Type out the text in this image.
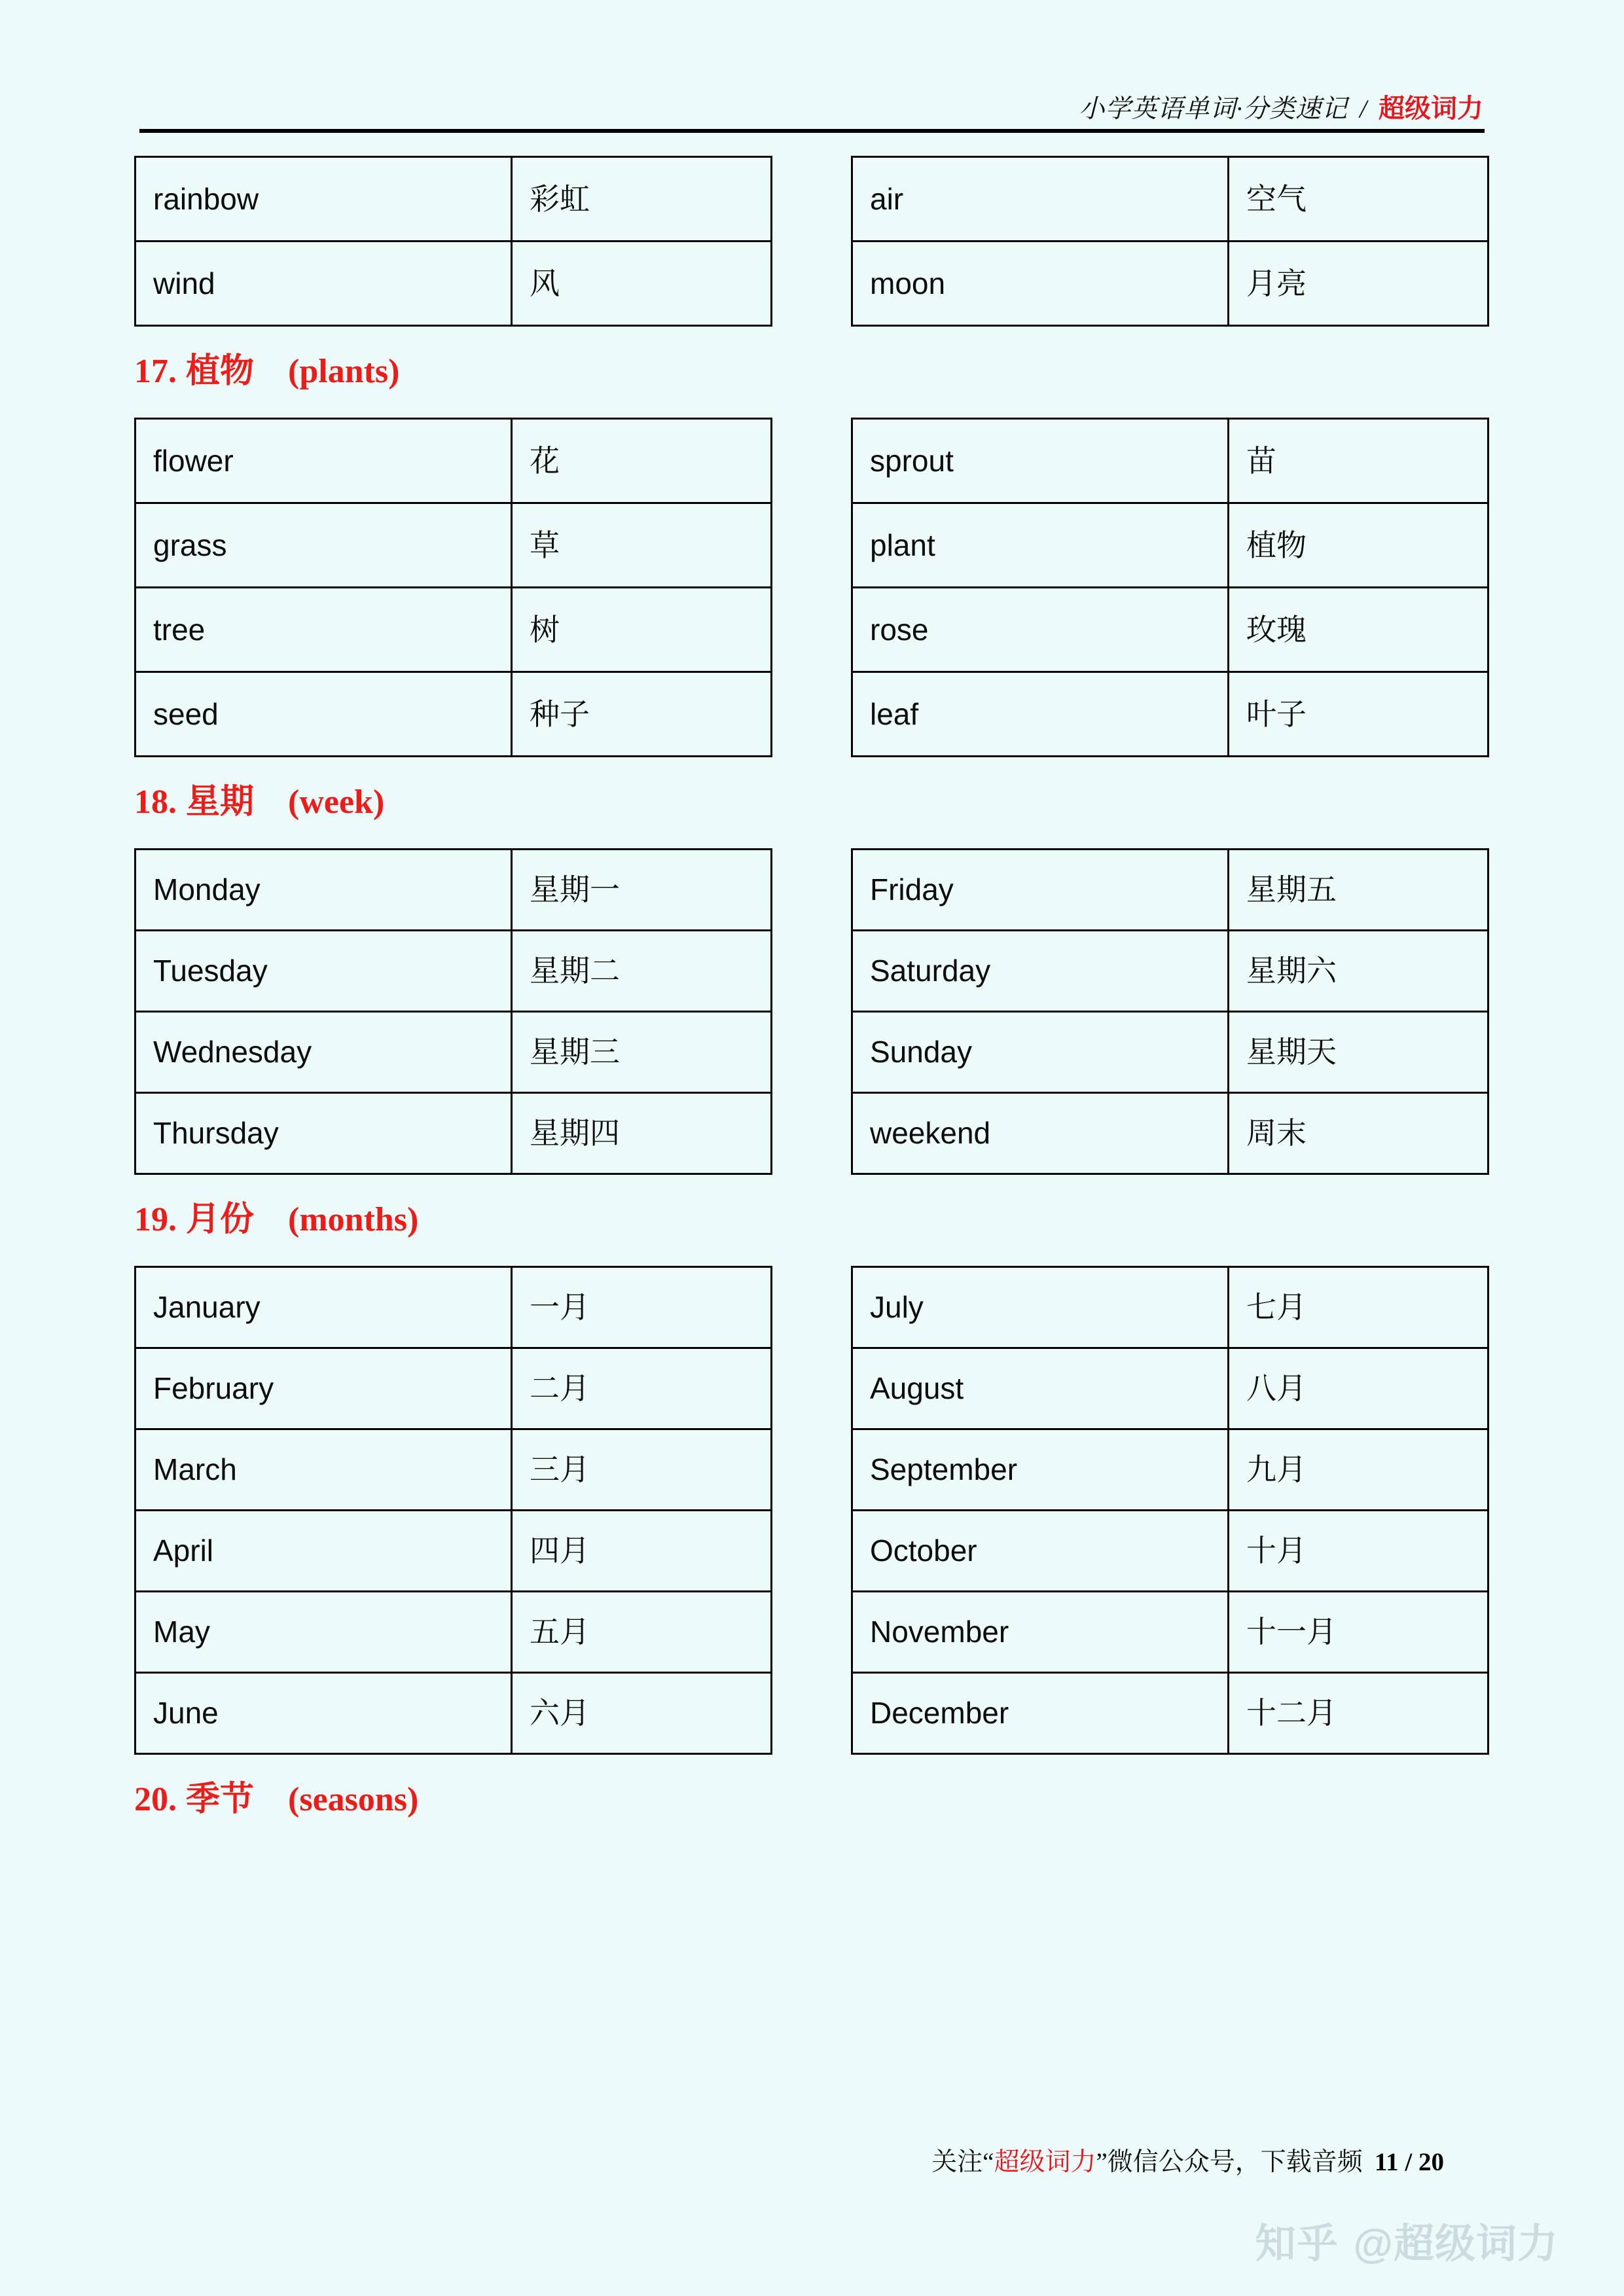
小学英语单词·分类速记 / 超级词力
rainbow	彩虹
wind	风
air	空气
moon	月亮
17. 植物 (plants)
flower	花
grass	草
tree	树
seed	种子
sprout	苗
plant	植物
rose	玫瑰
leaf	叶子
18. 星期 (week)
Monday	星期一
Tuesday	星期二
Wednesday	星期三
Thursday	星期四
Friday	星期五
Saturday	星期六
Sunday	星期天
weekend	周末
19. 月份 (months)
January	一月
February	二月
March	三月
April	四月
May	五月
June	六月
July	七月
August	八月
September	九月
October	十月
November	十一月
December	十二月
20. 季节 (seasons)
关注“ 超级词力 ”微信公众号，下载音频 11 / 20
知乎 @超级词力
